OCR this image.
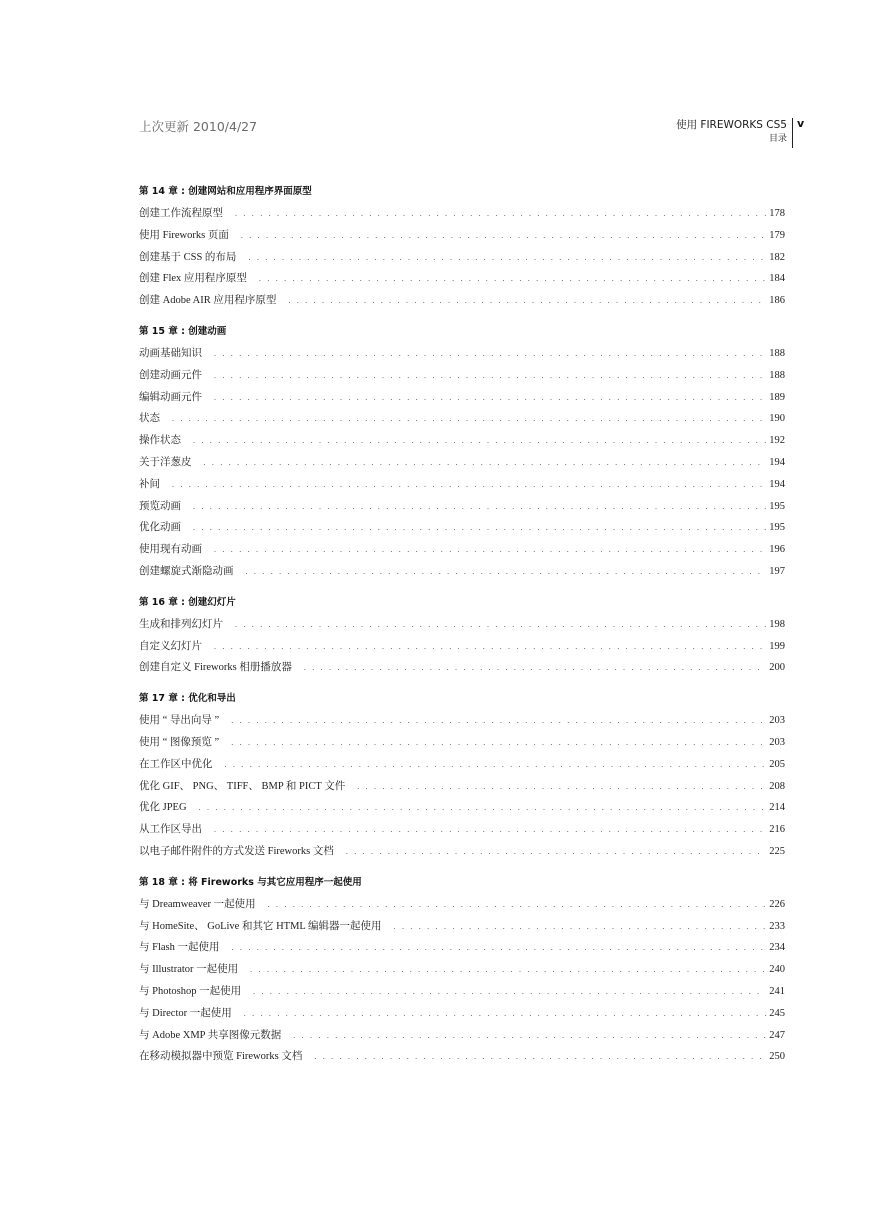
上次更新 2010/4/27	使用 FIREWORKS CS5
目录
v
第 14 章 : 创建网站和应用程序界面原型
创建工作流程原型 . . .	178
使用 Fireworks 页面 . . .	179
创建基于 CSS 的布局 . . .	182
创建 Flex 应用程序原型 . . .	184
创建 Adobe AIR 应用程序原型 . . .	186
第 15 章 : 创建动画
动画基础知识 . . .	188
创建动画元件 . . .	188
编辑动画元件 . . .	189
状态 . . .	190
操作状态 . . .	192
关于洋葱皮 . . .	194
补间 . . .	194
预览动画 . . .	195
优化动画 . . .	195
使用现有动画 . . .	196
创建螺旋式渐隐动画 . . .	197
第 16 章 : 创建幻灯片
生成和排列幻灯片 . . .	198
自定义幻灯片 . . .	199
创建自定义 Fireworks 相册播放器 . . .	200
第 17 章 : 优化和导出
使用 “ 导出向导 ” . . .	203
使用 “ 图像预览 ” . . .	203
在工作区中优化 . . .	205
优化 GIF、 PNG、 TIFF、 BMP 和 PICT 文件 . . .	208
优化 JPEG . . .	214
从工作区导出 . . .	216
以电子邮件附件的方式发送 Fireworks 文档 . . .	225
第 18 章 : 将 Fireworks 与其它应用程序一起使用
与 Dreamweaver 一起使用 . . .	226
与 HomeSite、 GoLive 和其它 HTML 编辑器一起使用 . . .	233
与 Flash 一起使用 . . .	234
与 Illustrator 一起使用 . . .	240
与 Photoshop 一起使用 . . .	241
与 Director 一起使用 . . .	245
与 Adobe XMP 共享图像元数据 . . .	247
在移动模拟器中预览 Fireworks 文档 . . .	250
